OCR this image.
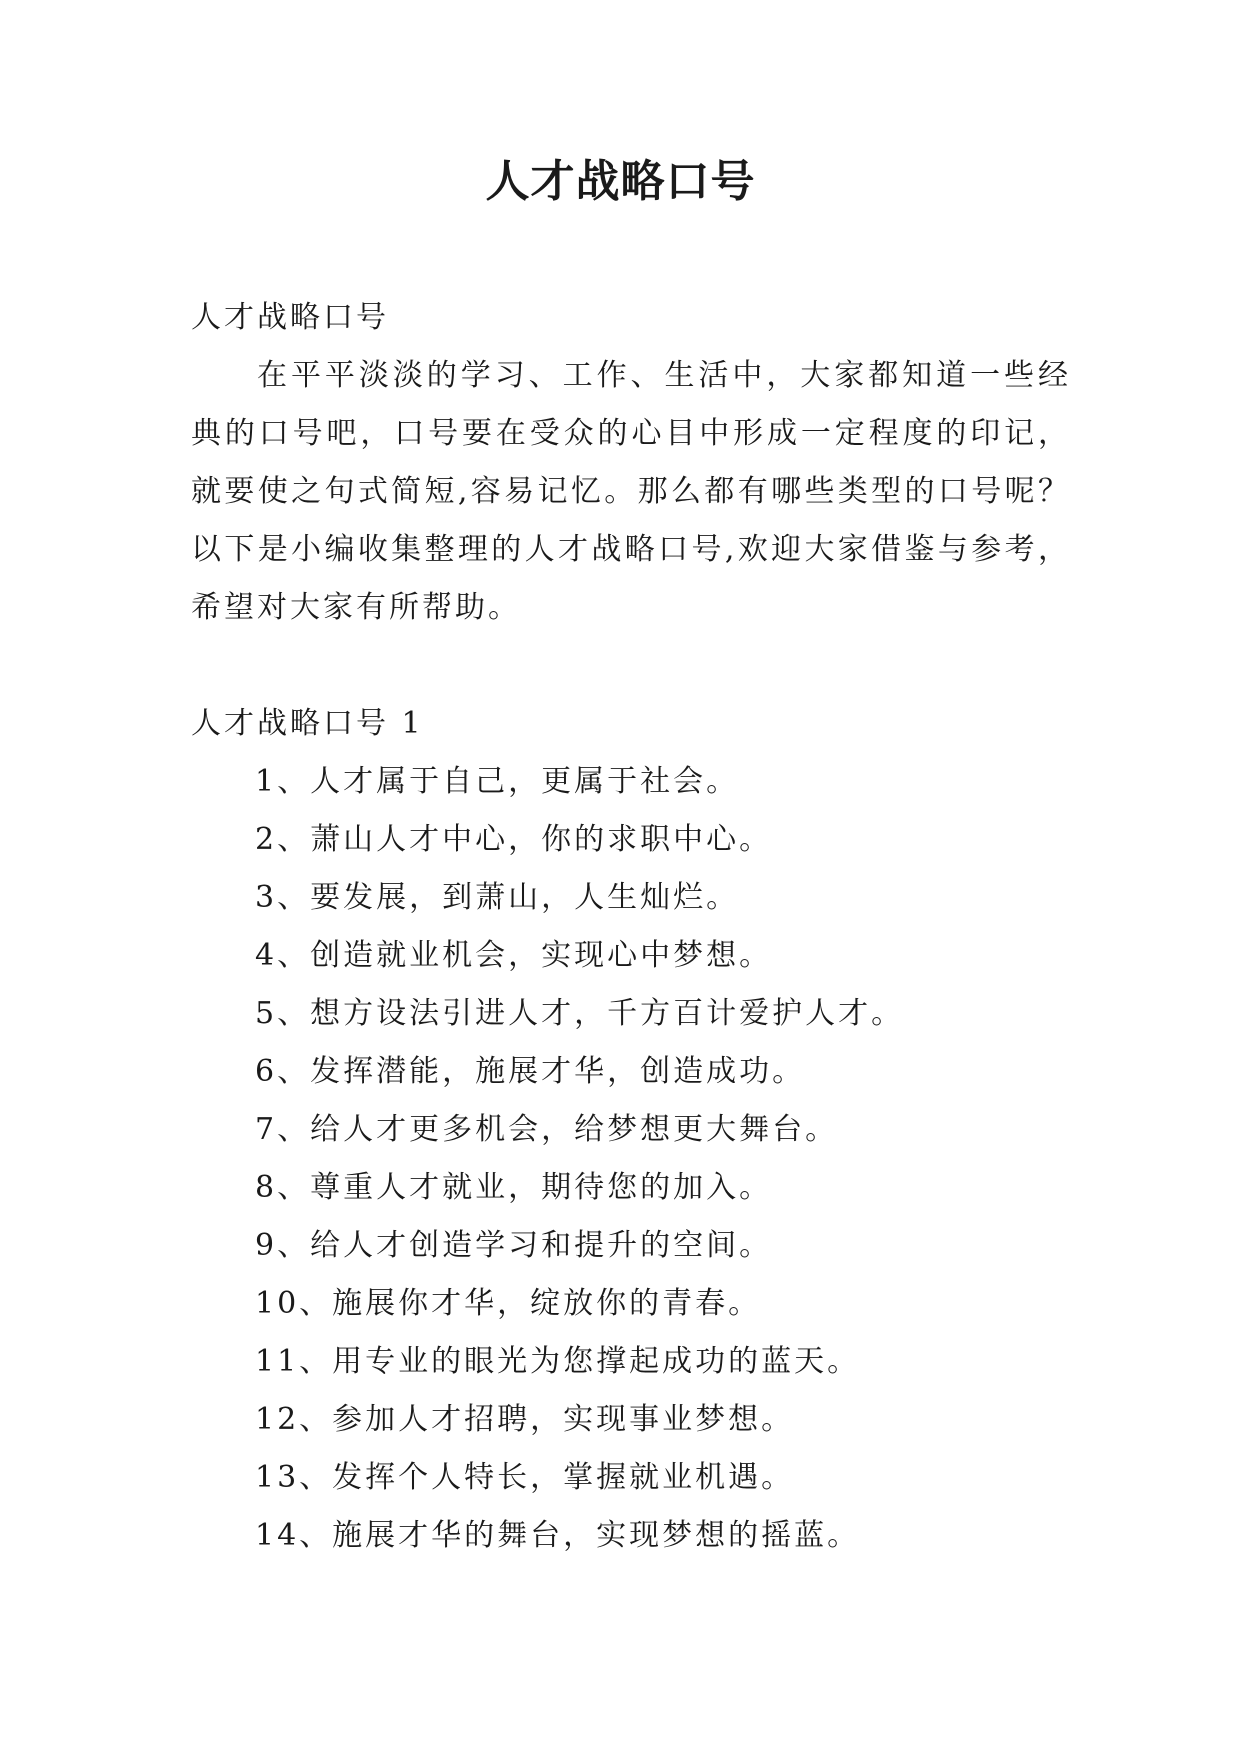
人才战略口号

人才战略口号

在平平淡淡的学习、工作、生活中，大家都知道一些经典的口号吧，口号要在受众的心目中形成一定程度的印记，就要使之句式简短,容易记忆。那么都有哪些类型的口号呢？以下是小编收集整理的人才战略口号,欢迎大家借鉴与参考，希望对大家有所帮助。

人才战略口号 1

1、人才属于自己，更属于社会。
2、萧山人才中心，你的求职中心。
3、要发展，到萧山，人生灿烂。
4、创造就业机会，实现心中梦想。
5、想方设法引进人才，千方百计爱护人才。
6、发挥潜能，施展才华，创造成功。
7、给人才更多机会，给梦想更大舞台。
8、尊重人才就业，期待您的加入。
9、给人才创造学习和提升的空间。
10、施展你才华，绽放你的青春。
11、用专业的眼光为您撑起成功的蓝天。
12、参加人才招聘，实现事业梦想。
13、发挥个人特长，掌握就业机遇。
14、施展才华的舞台，实现梦想的摇蓝。
